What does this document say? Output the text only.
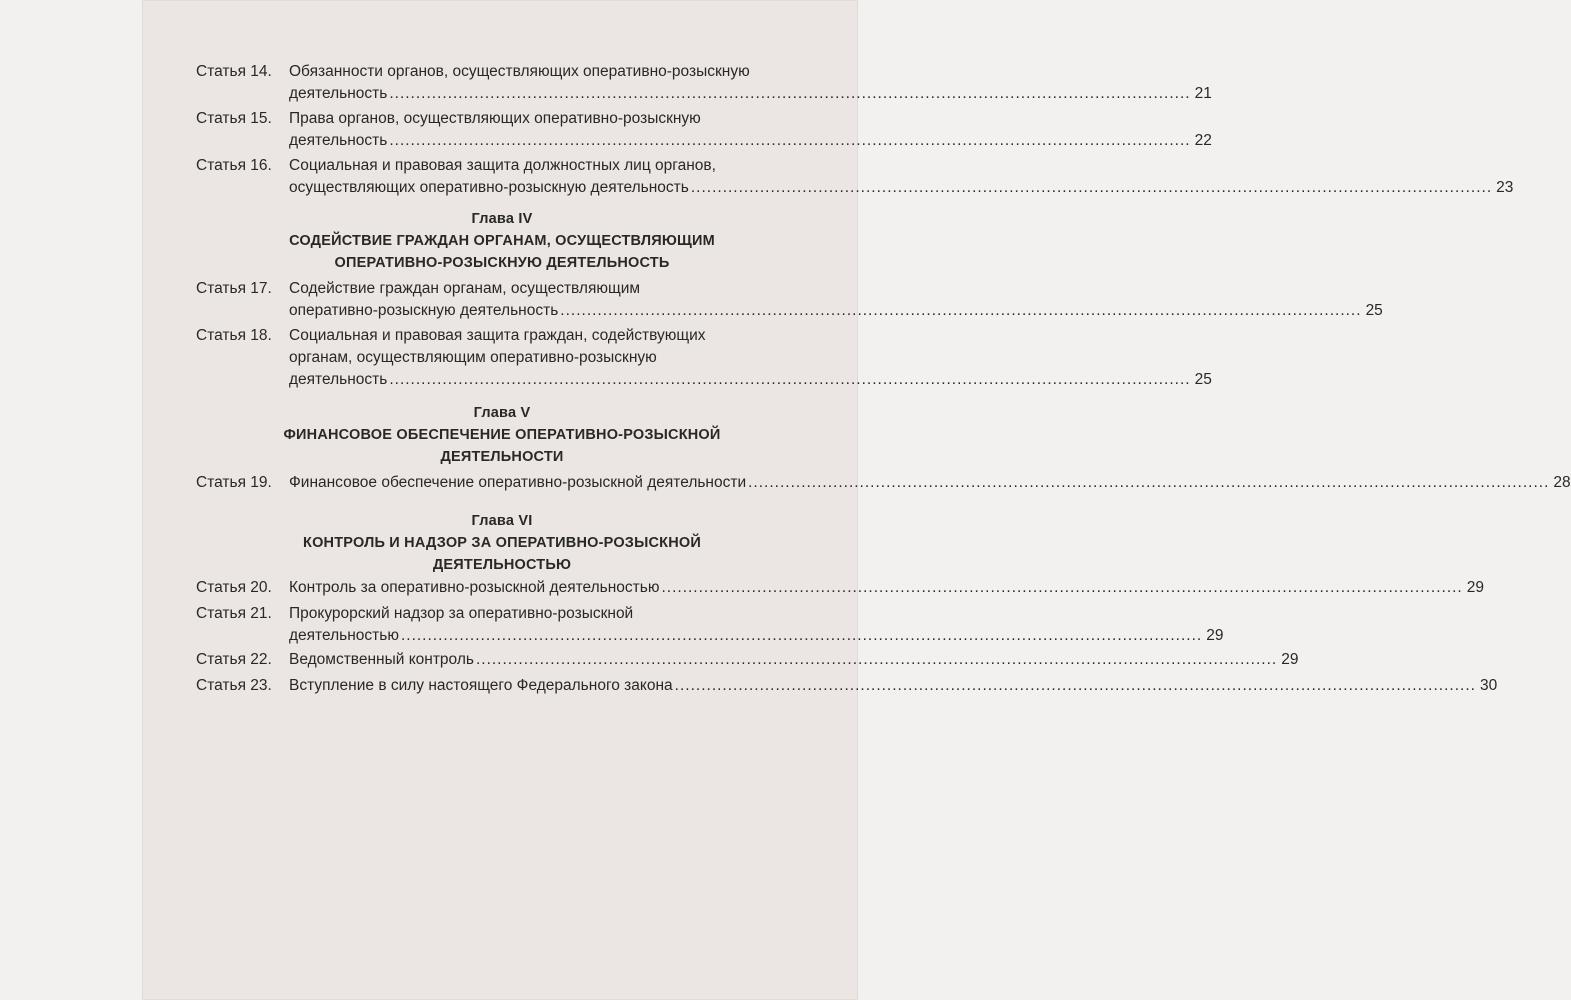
Статья 14.	Обязанности органов, осуществляющих оперативно-розыскную
деятельность ....................................................................................................................................................... 21
Статья 15.	Права органов, осуществляющих оперативно-розыскную
деятельность ....................................................................................................................................................... 22
Статья 16.	Социальная и правовая защита должностных лиц органов,
осуществляющих оперативно-розыскную деятельность ....................................................................................................................................................... 23
Глава IV
СОДЕЙСТВИЕ ГРАЖДАН ОРГАНАМ, ОСУЩЕСТВЛЯЮЩИМ
ОПЕРАТИВНО-РОЗЫСКНУЮ ДЕЯТЕЛЬНОСТЬ
Статья 17.	Содействие граждан органам, осуществляющим
оперативно-розыскную деятельность ....................................................................................................................................................... 25
Статья 18.	Социальная и правовая защита граждан, содействующих
органам, осуществляющим оперативно-розыскную
деятельность ....................................................................................................................................................... 25
Глава V
ФИНАНСОВОЕ ОБЕСПЕЧЕНИЕ ОПЕРАТИВНО-РОЗЫСКНОЙ
ДЕЯТЕЛЬНОСТИ
Статья 19.	Финансовое обеспечение оперативно-розыскной деятельности ....................................................................................................................................................... 28
Глава VI
КОНТРОЛЬ И НАДЗОР ЗА ОПЕРАТИВНО-РОЗЫСКНОЙ
ДЕЯТЕЛЬНОСТЬЮ
Статья 20.	Контроль за оперативно-розыскной деятельностью ....................................................................................................................................................... 29
Статья 21.	Прокурорский надзор за оперативно-розыскной
деятельностью ....................................................................................................................................................... 29
Статья 22.	Ведомственный контроль ....................................................................................................................................................... 29
Статья 23.	Вступление в силу настоящего Федерального закона ....................................................................................................................................................... 30
